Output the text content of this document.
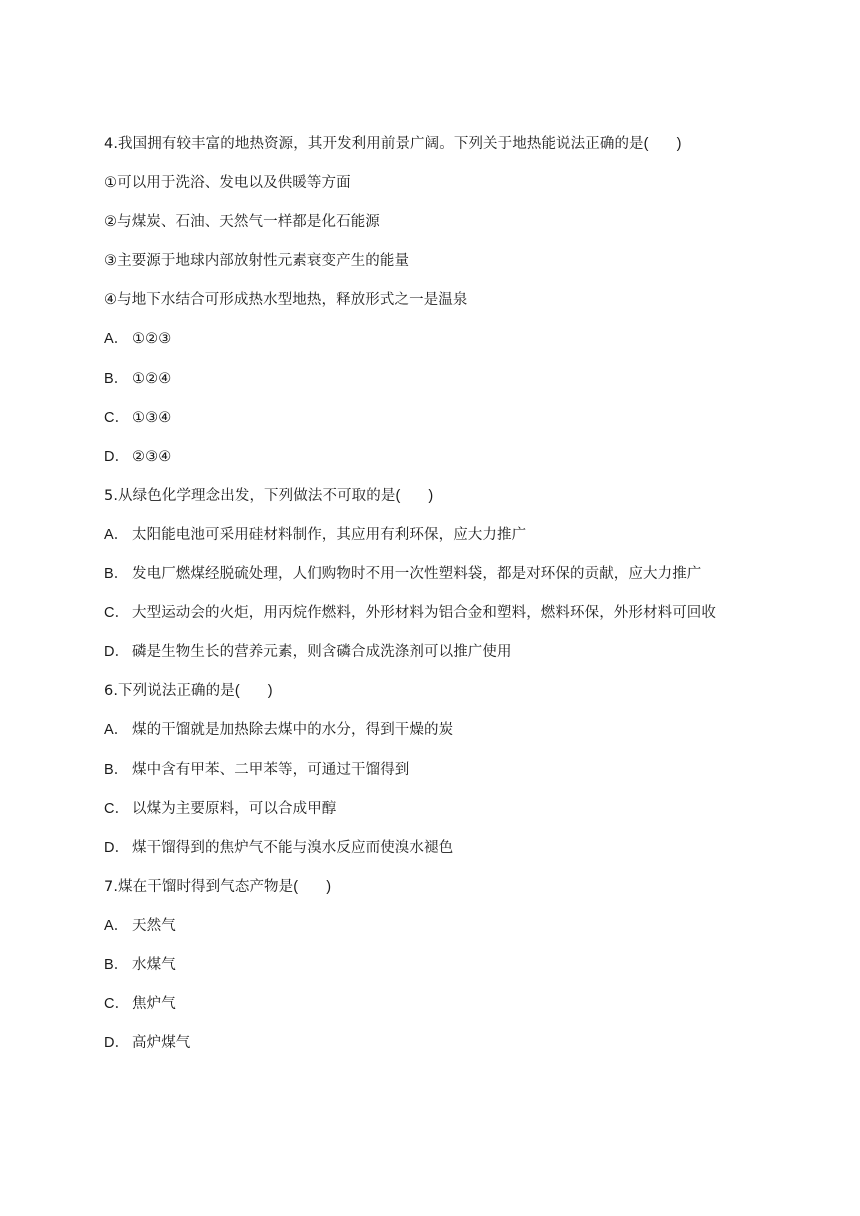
4.我国拥有较丰富的地热资源，其开发利用前景广阔。下列关于地热能说法正确的是( )
①可以用于洗浴、发电以及供暖等方面
②与煤炭、石油、天然气一样都是化石能源
③主要源于地球内部放射性元素衰变产生的能量
④与地下水结合可形成热水型地热，释放形式之一是温泉
A． ①②③
B． ①②④
C． ①③④
D． ②③④
5.从绿色化学理念出发，下列做法不可取的是( )
A． 太阳能电池可采用硅材料制作，其应用有利环保，应大力推广
B． 发电厂燃煤经脱硫处理，人们购物时不用一次性塑料袋，都是对环保的贡献，应大力推广
C． 大型运动会的火炬，用丙烷作燃料，外形材料为铝合金和塑料，燃料环保，外形材料可回收
D． 磷是生物生长的营养元素，则含磷合成洗涤剂可以推广使用
6.下列说法正确的是( )
A． 煤的干馏就是加热除去煤中的水分，得到干燥的炭
B． 煤中含有甲苯、二甲苯等，可通过干馏得到
C． 以煤为主要原料，可以合成甲醇
D． 煤干馏得到的焦炉气不能与溴水反应而使溴水褪色
7.煤在干馏时得到气态产物是( )
A． 天然气
B． 水煤气
C． 焦炉气
D． 高炉煤气
